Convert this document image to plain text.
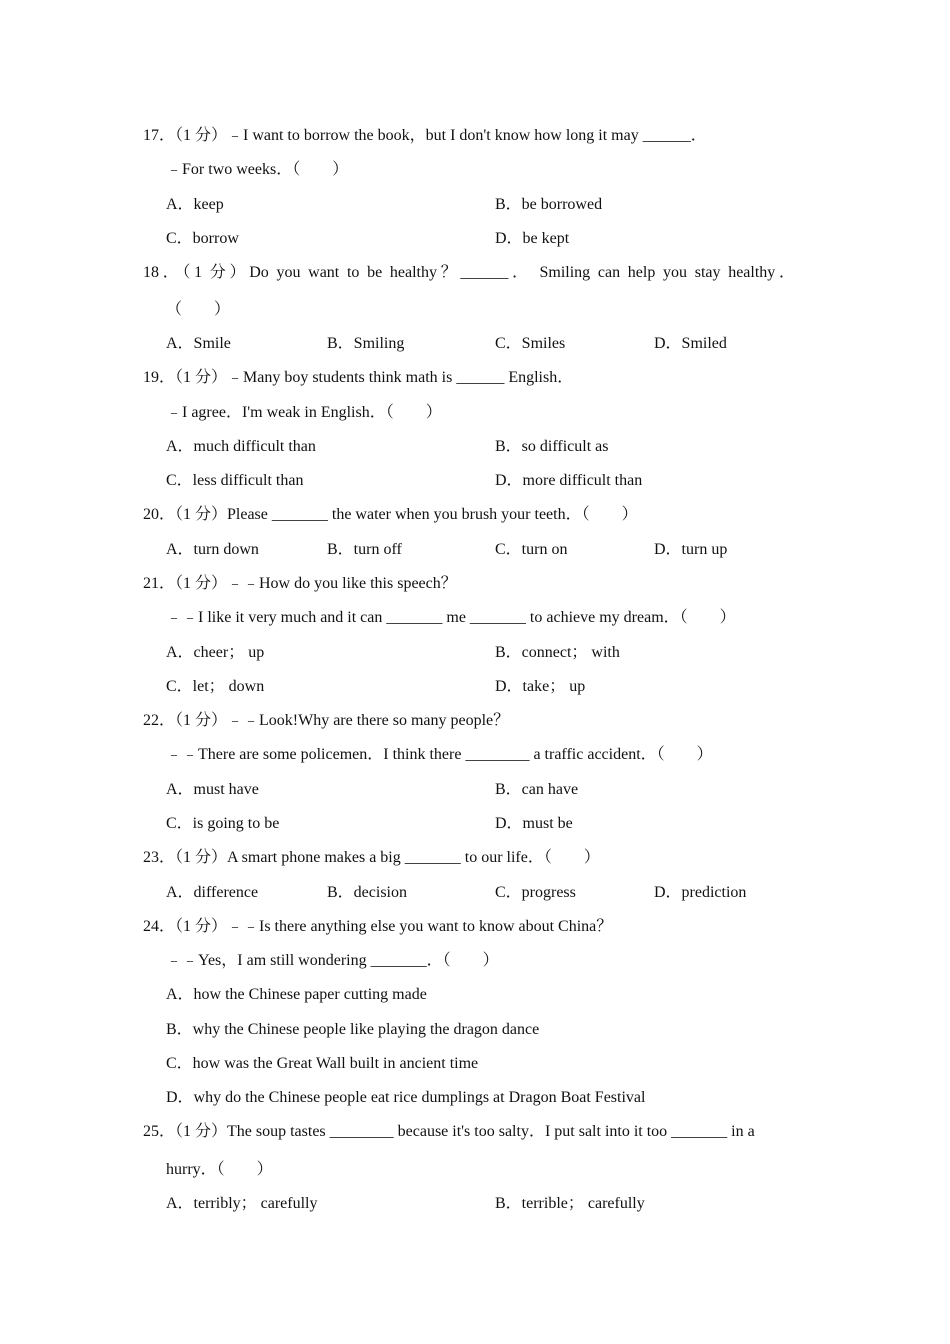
17．（1 分）﹣I want to borrow the book，but I don't know how long it may ______．
﹣For two weeks．（　　）
A．keep	B．be borrowed
C．borrow	D．be kept
18．（1 分）Do you want to be healthy？______． Smiling can help you stay healthy．
（　　）
A．Smile	B．Smiling	C．Smiles	D．Smiled
19．（1 分）﹣Many boy students think math is ______ English．
﹣I agree．I'm weak in English．（　　）
A．much difficult than	B．so difficult as
C．less difficult than	D．more difficult than
20．（1 分）Please _______ the water when you brush your teeth．（　　）
A．turn down	B．turn off	C．turn on	D．turn up
21．（1 分）﹣﹣How do you like this speech？
﹣﹣I like it very much and it can _______ me _______ to achieve my dream．（　　）
A．cheer； up	B．connect； with
C．let； down	D．take； up
22．（1 分）﹣﹣Look!Why are there so many people？
﹣﹣There are some policemen．I think there ________ a traffic accident．（　　）
A．must have	B．can have
C．is going to be	D．must be
23．（1 分）A smart phone makes a big _______ to our life．（　　）
A．difference	B．decision	C．progress	D．prediction
24．（1 分）﹣﹣Is there anything else you want to know about China？
﹣﹣Yes，I am still wondering _______．（　　）
A．how the Chinese paper cutting made
B．why the Chinese people like playing the dragon dance
C．how was the Great Wall built in ancient time
D．why do the Chinese people eat rice dumplings at Dragon Boat Festival
25．（1 分）The soup tastes ________ because it's too salty．I put salt into it too _______ in a
hurry．（　　）
A．terribly； carefully	B．terrible； carefully
